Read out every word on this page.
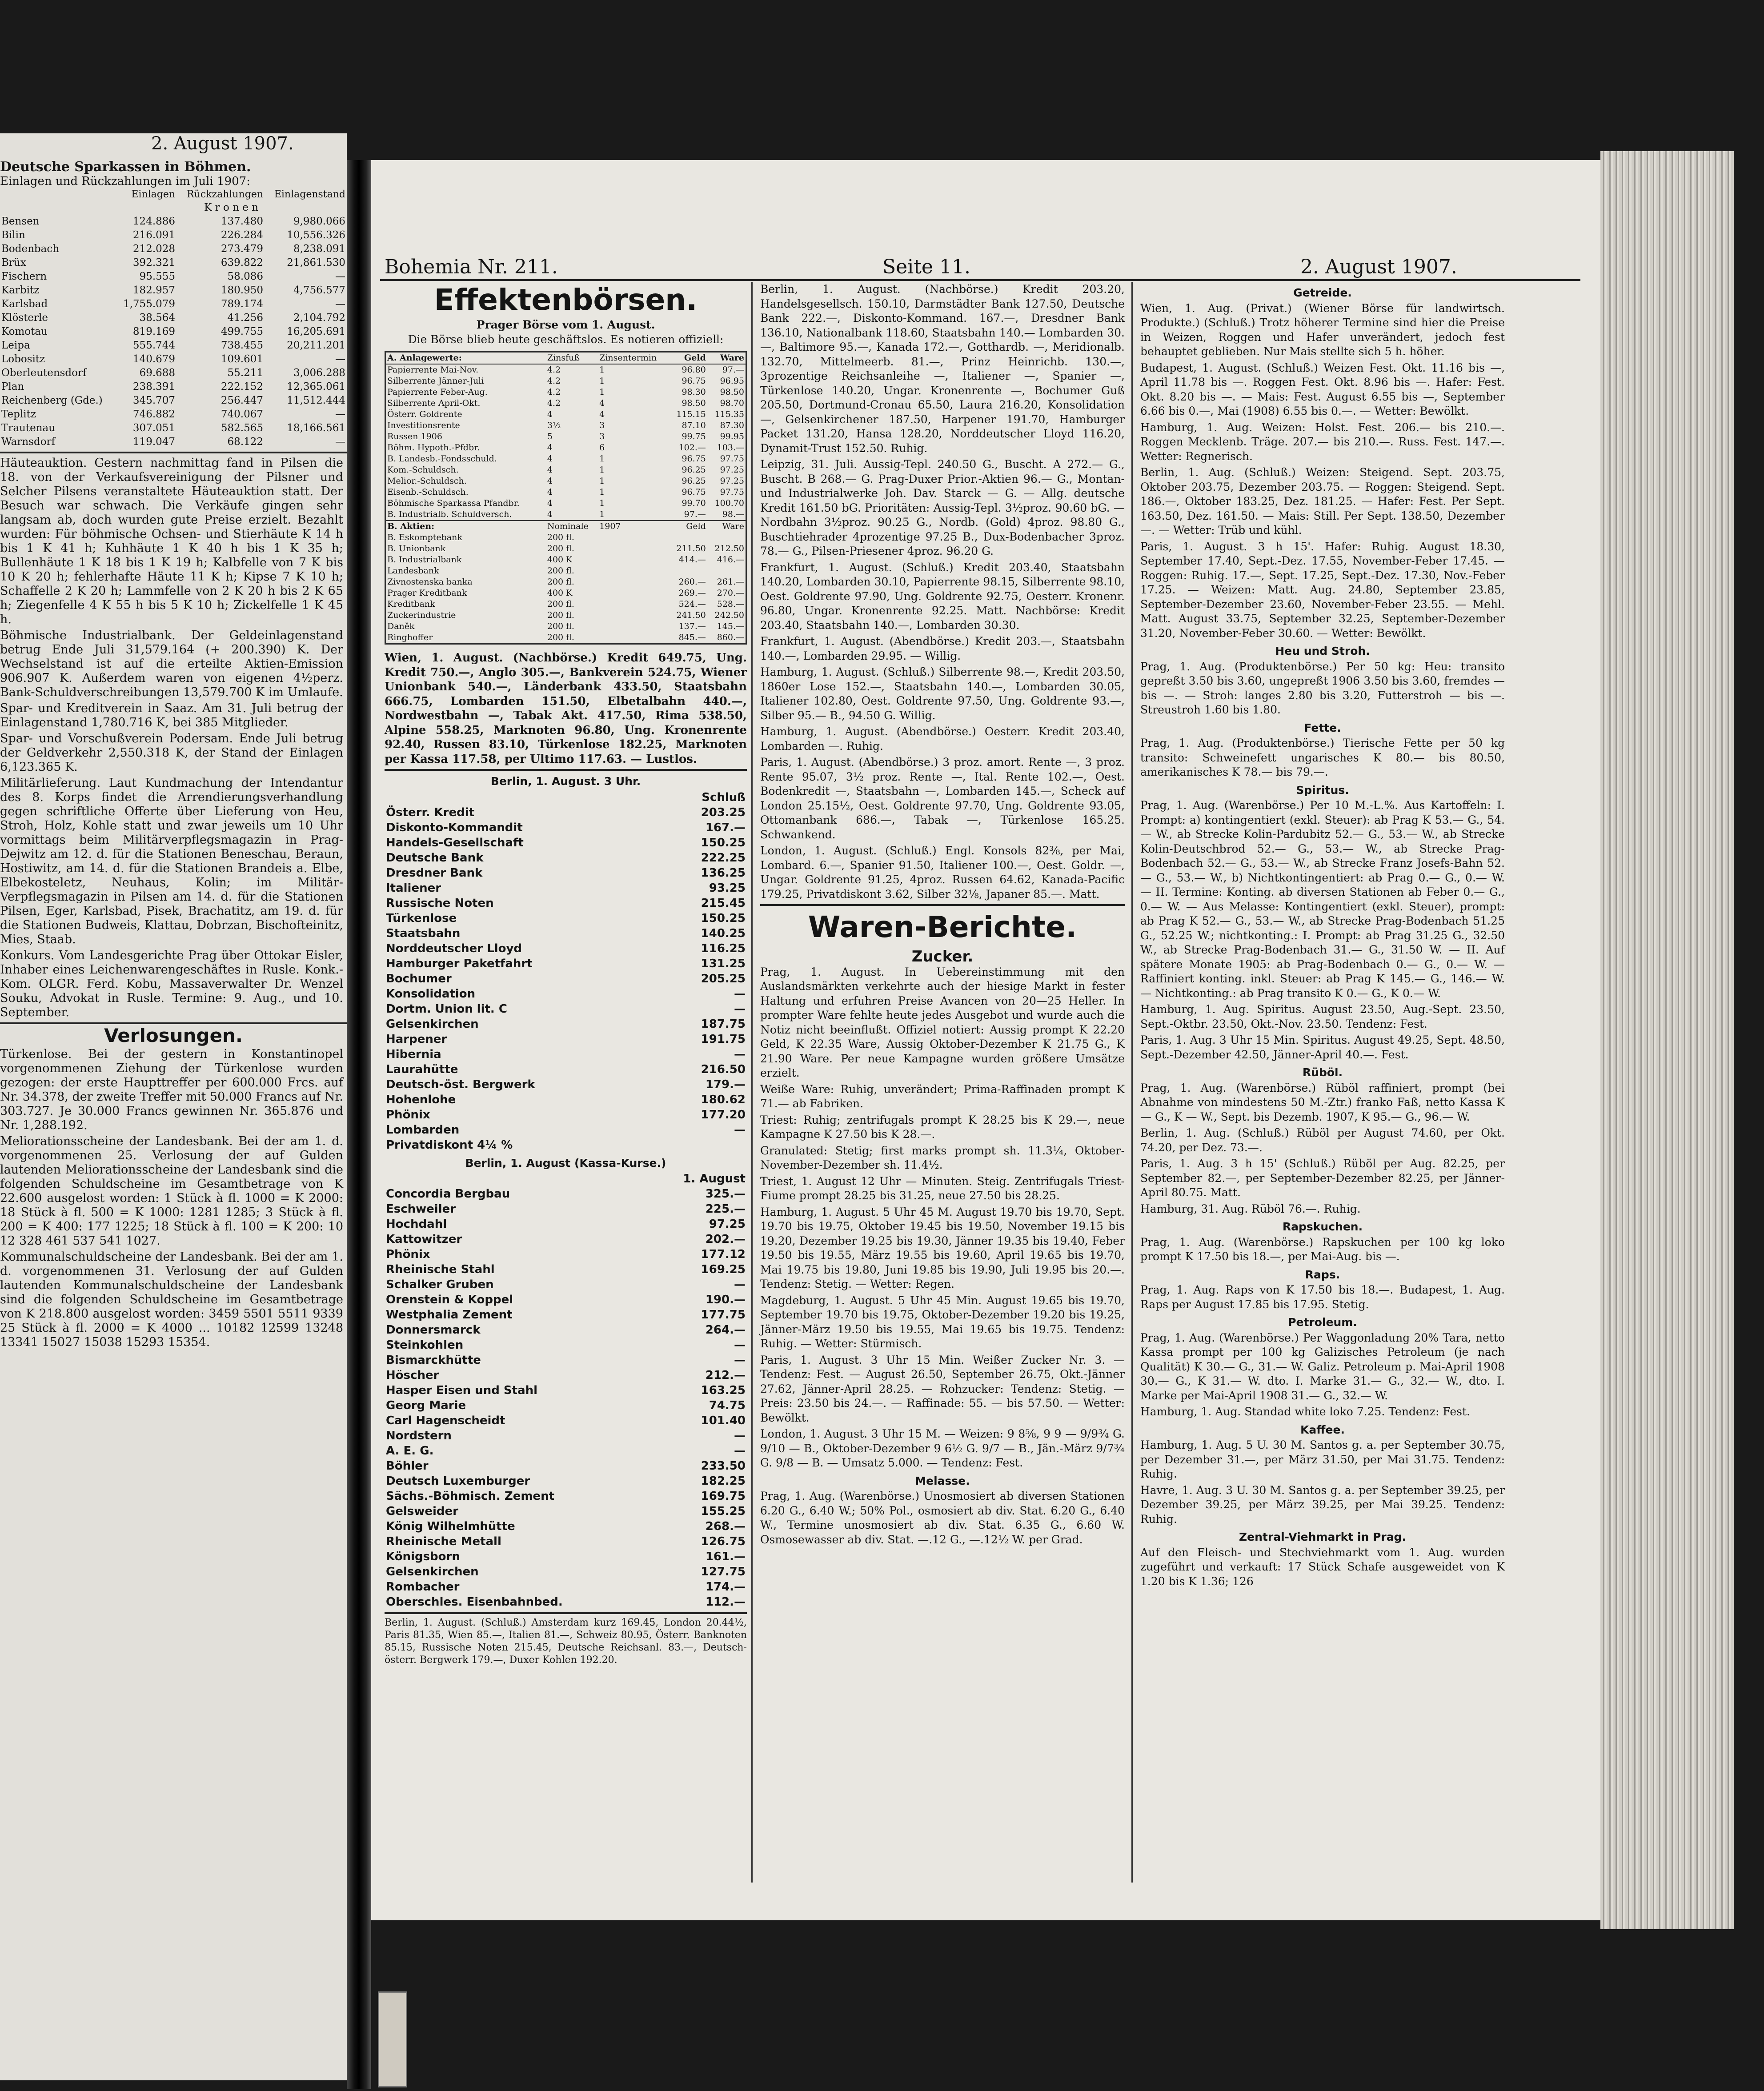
2. August 1907.
Deutsche Sparkassen in Böhmen.
Einlagen und Rückzahlungen im Juli 1907:
	Einlagen	Rückzahlungen	Einlagenstand
	K r o n e n		
Bensen	124.886	137.480	9,980.066
Bilin	216.091	226.284	10,556.326
Bodenbach	212.028	273.479	8,238.091
Brüx	392.321	639.822	21,861.530
Fischern	95.555	58.086	—
Karbitz	182.957	180.950	4,756.577
Karlsbad	1,755.079	789.174	—
Klösterle	38.564	41.256	2,104.792
Komotau	819.169	499.755	16,205.691
Leipa	555.744	738.455	20,211.201
Lobositz	140.679	109.601	—
Oberleutensdorf	69.688	55.211	3,006.288
Plan	238.391	222.152	12,365.061
Reichenberg (Gde.)	345.707	256.447	11,512.444
Teplitz	746.882	740.067	—
Trautenau	307.051	582.565	18,166.561
Warnsdorf	119.047	68.122	—

Häuteauktion. Gestern nachmittag fand in Pilsen die 18. von der Verkaufsvereinigung der Pilsner und Selcher Pilsens veranstaltete Häuteauktion statt. Der Besuch war schwach. Die Verkäufe gingen sehr langsam ab, doch wurden gute Preise erzielt. Bezahlt wurden: Für böhmische Ochsen- und Stierhäute K 14 h bis 1 K 41 h; Kuhhäute 1 K 40 h bis 1 K 35 h; Bullenhäute 1 K 18 bis 1 K 19 h; Kalbfelle von 7 K bis 10 K 20 h; fehlerhafte Häute 11 K h; Kipse 7 K 10 h; Schaffelle 2 K 20 h; Lammfelle von 2 K 20 h bis 2 K 65 h; Ziegenfelle 4 K 55 h bis 5 K 10 h; Zickelfelle 1 K 45 h.

Böhmische Industrialbank. Der Geldeinlagenstand betrug Ende Juli 31,579.164 (+ 200.390) K. Der Wechselstand ist auf die erteilte Aktien-Emission 906.907 K. Außerdem waren von eigenen 4½perz. Bank-Schuldverschreibungen 13,579.700 K im Umlaufe.

Spar- und Kreditverein in Saaz. Am 31. Juli betrug der Einlagenstand 1,780.716 K, bei 385 Mitglieder.

Spar- und Vorschußverein Podersam. Ende Juli betrug der Geldverkehr 2,550.318 K, der Stand der Einlagen 6,123.365 K.

Militärlieferung. Laut Kundmachung der Intendantur des 8. Korps findet die Arrendierungsverhandlung gegen schriftliche Offerte über Lieferung von Heu, Stroh, Holz, Kohle statt und zwar jeweils um 10 Uhr vormittags beim Militärverpflegsmagazin in Prag-Dejwitz am 12. d. für die Stationen Beneschau, Beraun, Hostiwitz, am 14. d. für die Stationen Brandeis a. Elbe, Elbekosteletz, Neuhaus, Kolin; im Militär-Verpflegsmagazin in Pilsen am 14. d. für die Stationen Pilsen, Eger, Karlsbad, Pisek, Brachatitz, am 19. d. für die Stationen Budweis, Klattau, Dobrzan, Bischofteinitz, Mies, Staab.

Konkurs. Vom Landesgerichte Prag über Ottokar Eisler, Inhaber eines Leichenwarengeschäftes in Rusle. Konk.-Kom. OLGR. Ferd. Kobu, Massaverwalter Dr. Wenzel Souku, Advokat in Rusle. Termine: 9. Aug., und 10. September.

Verlosungen.

Türkenlose. Bei der gestern in Konstantinopel vorgenommenen Ziehung der Türkenlose wurden gezogen: der erste Haupttreffer per 600.000 Frcs. auf Nr. 34.378, der zweite Treffer mit 50.000 Francs auf Nr. 303.727. Je 30.000 Francs gewinnen Nr. 365.876 und Nr. 1,288.192.

Meliorationsscheine der Landesbank. Bei der am 1. d. vorgenommenen 25. Verlosung der auf Gulden lautenden Meliorationsscheine der Landesbank sind die folgenden Schuldscheine im Gesamtbetrage von K 22.600 ausgelost worden: 1 Stück à fl. 1000 = K 2000: 18 Stück à fl. 500 = K 1000: 1281 1285; 3 Stück à fl. 200 = K 400: 177 1225; 18 Stück à fl. 100 = K 200: 10 12 328 461 537 541 1027.

Kommunalschuldscheine der Landesbank. Bei der am 1. d. vorgenommenen 31. Verlosung der auf Gulden lautenden Kommunalschuldscheine der Landesbank sind die folgenden Schuldscheine im Gesamtbetrage von K 218.800 ausgelost worden: 3459 5501 5511 9339 25 Stück à fl. 2000 = K 4000 ... 10182 12599 13248 13341 15027 15038 15293 15354.

Bohemia Nr. 211.	Seite 11.	2. August 1907.
Effektenbörsen.
Prager Börse vom 1. August.
Die Börse blieb heute geschäftslos. Es notieren offiziell:
A. Anlagewerte:	Zinsfuß	Zinsentermin	Geld	Ware
Papierrente Mai-Nov.	4.2	1	96.80	97.—
Silberrente Jänner-Juli	4.2	1	96.75	96.95
Papierrente Feber-Aug.	4.2	1	98.30	98.50
Silberrente April-Okt.	4.2	4	98.50	98.70
Österr. Goldrente	4	4	115.15	115.35
Investitionsrente	3½	3	87.10	87.30
Russen 1906	5	3	99.75	99.95
Böhm. Hypoth.-Pfdbr.	4	6	102.—	103.—
B. Landesb.-Fondsschuld.	4	1	96.75	97.75
Kom.-Schuldsch.	4	1	96.25	97.25
Melior.-Schuldsch.	4	1	96.25	97.25
Eisenb.-Schuldsch.	4	1	96.75	97.75
Böhmische Sparkassa Pfandbr.	4	1	99.70	100.70
B. Industrialb. Schuldversch.	4	1	97.—	98.—
B. Aktien:	Nominale	1907	Geld	Ware
B. Eskomptebank	200 fl.			
B. Unionbank	200 fl.		211.50	212.50
B. Industrialbank	400 K		414.—	416.—
Landesbank	200 fl.			
Zivnostenska banka	200 fl.		260.—	261.—
Prager Kreditbank	400 K		269.—	270.—
Kreditbank	200 fl.		524.—	528.—
Zuckerindustrie	200 fl.		241.50	242.50
Daněk	200 fl.		137.—	145.—
Ringhoffer	200 fl.		845.—	860.—

Wien, 1. August. (Nachbörse.) Kredit 649.75, Ung. Kredit 750.—, Anglo 305.—, Bankverein 524.75, Wiener Unionbank 540.—, Länderbank 433.50, Staatsbahn 666.75, Lombarden 151.50, Elbetalbahn 440.—, Nordwestbahn —, Tabak Akt. 417.50, Rima 538.50, Alpine 558.25, Marknoten 96.80, Ung. Kronenrente 92.40, Russen 83.10, Türkenlose 182.25, Marknoten per Kassa 117.58, per Ultimo 117.63. — Lustlos.

Berlin, 1. August. 3 Uhr.
	Schluß
Österr. Kredit	203.25
Diskonto-Kommandit	167.—
Handels-Gesellschaft	150.25
Deutsche Bank	222.25
Dresdner Bank	136.25
Italiener	93.25
Russische Noten	215.45
Türkenlose	150.25
Staatsbahn	140.25
Norddeutscher Lloyd	116.25
Hamburger Paketfahrt	131.25
Bochumer	205.25
Konsolidation	—
Dortm. Union lit. C	—
Gelsenkirchen	187.75
Harpener	191.75
Hibernia	—
Laurahütte	216.50
Deutsch-öst. Bergwerk	179.—
Hohenlohe	180.62
Phönix	177.20
Lombarden	—
Privatdiskont 4¼ %	
Berlin, 1. August (Kassa-Kurse.)
	1. August
Concordia Bergbau	325.—
Eschweiler	225.—
Hochdahl	97.25
Kattowitzer	202.—
Phönix	177.12
Rheinische Stahl	169.25
Schalker Gruben	—
Orenstein & Koppel	190.—
Westphalia Zement	177.75
Donnersmarck	264.—
Steinkohlen	—
Bismarckhütte	—
Höscher	212.—
Hasper Eisen und Stahl	163.25
Georg Marie	74.75
Carl Hagenscheidt	101.40
Nordstern	—
A. E. G.	—
Böhler	233.50
Deutsch Luxemburger	182.25
Sächs.-Böhmisch. Zement	169.75
Gelsweider	155.25
König Wilhelmhütte	268.—
Rheinische Metall	126.75
Königsborn	161.—
Gelsenkirchen	127.75
Rombacher	174.—
Oberschles. Eisenbahnbed.	112.—

Berlin, 1. August. (Schluß.) Amsterdam kurz 169.45, London 20.44½, Paris 81.35, Wien 85.—, Italien 81.—, Schweiz 80.95, Österr. Banknoten 85.15, Russische Noten 215.45, Deutsche Reichsanl. 83.—, Deutsch-österr. Bergwerk 179.—, Duxer Kohlen 192.20.

Berlin, 1. August. (Nachbörse.) Kredit 203.20, Handelsgesellsch. 150.10, Darmstädter Bank 127.50, Deutsche Bank 222.—, Diskonto-Kommand. 167.—, Dresdner Bank 136.10, Nationalbank 118.60, Staatsbahn 140.— Lombarden 30.—, Baltimore 95.—, Kanada 172.—, Gotthardb. —, Meridionalb. 132.70, Mittelmeerb. 81.—, Prinz Heinrichb. 130.—, 3prozentige Reichsanleihe —, Italiener —, Spanier —, Türkenlose 140.20, Ungar. Kronenrente —, Bochumer Guß 205.50, Dortmund-Cronau 65.50, Laura 216.20, Konsolidation —, Gelsenkirchener 187.50, Harpener 191.70, Hamburger Packet 131.20, Hansa 128.20, Norddeutscher Lloyd 116.20, Dynamit-Trust 152.50. Ruhig.

Leipzig, 31. Juli. Aussig-Tepl. 240.50 G., Buscht. A 272.— G., Buscht. B 268.— G. Prag-Duxer Prior.-Aktien 96.— G., Montan- und Industrialwerke Joh. Dav. Starck — G. — Allg. deutsche Kredit 161.50 bG. Prioritäten: Aussig-Tepl. 3½proz. 90.60 bG. — Nordbahn 3½proz. 90.25 G., Nordb. (Gold) 4proz. 98.80 G., Buschtiehrader 4prozentige 97.25 B., Dux-Bodenbacher 3proz. 78.— G., Pilsen-Priesener 4proz. 96.20 G.

Frankfurt, 1. August. (Schluß.) Kredit 203.40, Staatsbahn 140.20, Lombarden 30.10, Papierrente 98.15, Silberrente 98.10, Oest. Goldrente 97.90, Ung. Goldrente 92.75, Oesterr. Kronenr. 96.80, Ungar. Kronenrente 92.25. Matt. Nachbörse: Kredit 203.40, Staatsbahn 140.—, Lombarden 30.30.

Frankfurt, 1. August. (Abendbörse.) Kredit 203.—, Staatsbahn 140.—, Lombarden 29.95. — Willig.

Hamburg, 1. August. (Schluß.) Silberrente 98.—, Kredit 203.50, 1860er Lose 152.—, Staatsbahn 140.—, Lombarden 30.05, Italiener 102.80, Oest. Goldrente 97.50, Ung. Goldrente 93.—, Silber 95.— B., 94.50 G. Willig.

Hamburg, 1. August. (Abendbörse.) Oesterr. Kredit 203.40, Lombarden —. Ruhig.

Paris, 1. August. (Abendbörse.) 3 proz. amort. Rente —, 3 proz. Rente 95.07, 3½ proz. Rente —, Ital. Rente 102.—, Oest. Bodenkredit —, Staatsbahn —, Lombarden 145.—, Scheck auf London 25.15½, Oest. Goldrente 97.70, Ung. Goldrente 93.05, Ottomanbank 686.—, Tabak —, Türkenlose 165.25. Schwankend.

London, 1. August. (Schluß.) Engl. Konsols 82⅜, per Mai, Lombard. 6.—, Spanier 91.50, Italiener 100.—, Oest. Goldr. —, Ungar. Goldrente 91.25, 4proz. Russen 64.62, Kanada-Pacific 179.25, Privatdiskont 3.62, Silber 32⅛, Japaner 85.—. Matt.

Waren-Berichte.
Zucker.

Prag, 1. August. In Uebereinstimmung mit den Auslandsmärkten verkehrte auch der hiesige Markt in fester Haltung und erfuhren Preise Avancen von 20—25 Heller. In prompter Ware fehlte heute jedes Ausgebot und wurde auch die Notiz nicht beeinflußt. Offiziel notiert: Aussig prompt K 22.20 Geld, K 22.35 Ware, Aussig Oktober-Dezember K 21.75 G., K 21.90 Ware. Per neue Kampagne wurden größere Umsätze erzielt.

Weiße Ware: Ruhig, unverändert; Prima-Raffinaden prompt K 71.— ab Fabriken.

Triest: Ruhig; zentrifugals prompt K 28.25 bis K 29.—, neue Kampagne K 27.50 bis K 28.—.

Granulated: Stetig; first marks prompt sh. 11.3¼, Oktober-November-Dezember sh. 11.4½.

Triest, 1. August 12 Uhr — Minuten. Steig. Zentrifugals Triest-Fiume prompt 28.25 bis 31.25, neue 27.50 bis 28.25.

Hamburg, 1. August. 5 Uhr 45 M. August 19.70 bis 19.70, Sept. 19.70 bis 19.75, Oktober 19.45 bis 19.50, November 19.15 bis 19.20, Dezember 19.25 bis 19.30, Jänner 19.35 bis 19.40, Feber 19.50 bis 19.55, März 19.55 bis 19.60, April 19.65 bis 19.70, Mai 19.75 bis 19.80, Juni 19.85 bis 19.90, Juli 19.95 bis 20.—. Tendenz: Stetig. — Wetter: Regen.

Magdeburg, 1. August. 5 Uhr 45 Min. August 19.65 bis 19.70, September 19.70 bis 19.75, Oktober-Dezember 19.20 bis 19.25, Jänner-März 19.50 bis 19.55, Mai 19.65 bis 19.75. Tendenz: Ruhig. — Wetter: Stürmisch.

Paris, 1. August. 3 Uhr 15 Min. Weißer Zucker Nr. 3. — Tendenz: Fest. — August 26.50, September 26.75, Okt.-Jänner 27.62, Jänner-April 28.25. — Rohzucker: Tendenz: Stetig. — Preis: 23.50 bis 24.—. — Raffinade: 55. — bis 57.50. — Wetter: Bewölkt.

London, 1. August. 3 Uhr 15 M. — Weizen: 9 8⅝, 9 9 — 9/9¾ G. 9/10 — B., Oktober-Dezember 9 6½ G. 9/7 — B., Jän.-März 9/7¾ G. 9/8 — B. — Umsatz 5.000. — Tendenz: Fest.

Melasse.

Prag, 1. Aug. (Warenbörse.) Unosmosiert ab diversen Stationen 6.20 G., 6.40 W.; 50% Pol., osmosiert ab div. Stat. 6.20 G., 6.40 W., Termine unosmosiert ab div. Stat. 6.35 G., 6.60 W. Osmosewasser ab div. Stat. —.12 G., —.12½ W. per Grad.

Getreide.

Wien, 1. Aug. (Privat.) (Wiener Börse für landwirtsch. Produkte.) (Schluß.) Trotz höherer Termine sind hier die Preise in Weizen, Roggen und Hafer unverändert, jedoch fest behauptet geblieben. Nur Mais stellte sich 5 h. höher.

Budapest, 1. August. (Schluß.) Weizen Fest. Okt. 11.16 bis —, April 11.78 bis —. Roggen Fest. Okt. 8.96 bis —. Hafer: Fest. Okt. 8.20 bis —. — Mais: Fest. August 6.55 bis —, September 6.66 bis 0.—, Mai (1908) 6.55 bis 0.—. — Wetter: Bewölkt.

Hamburg, 1. Aug. Weizen: Holst. Fest. 206.— bis 210.—. Roggen Mecklenb. Träge. 207.— bis 210.—. Russ. Fest. 147.—. Wetter: Regnerisch.

Berlin, 1. Aug. (Schluß.) Weizen: Steigend. Sept. 203.75, Oktober 203.75, Dezember 203.75. — Roggen: Steigend. Sept. 186.—, Oktober 183.25, Dez. 181.25. — Hafer: Fest. Per Sept. 163.50, Dez. 161.50. — Mais: Still. Per Sept. 138.50, Dezember —. — Wetter: Trüb und kühl.

Paris, 1. August. 3 h 15'. Hafer: Ruhig. August 18.30, September 17.40, Sept.-Dez. 17.55, November-Feber 17.45. — Roggen: Ruhig. 17.—, Sept. 17.25, Sept.-Dez. 17.30, Nov.-Feber 17.25. — Weizen: Matt. Aug. 24.80, September 23.85, September-Dezember 23.60, November-Feber 23.55. — Mehl. Matt. August 33.75, September 32.25, September-Dezember 31.20, November-Feber 30.60. — Wetter: Bewölkt.

Heu und Stroh.

Prag, 1. Aug. (Produktenbörse.) Per 50 kg: Heu: transito gepreßt 3.50 bis 3.60, ungepreßt 1906 3.50 bis 3.60, fremdes — bis —. — Stroh: langes 2.80 bis 3.20, Futterstroh — bis —. Streustroh 1.60 bis 1.80.

Fette.

Prag, 1. Aug. (Produktenbörse.) Tierische Fette per 50 kg transito: Schweinefett ungarisches K 80.— bis 80.50, amerikanisches K 78.— bis 79.—.

Spiritus.

Prag, 1. Aug. (Warenbörse.) Per 10 M.-L.%. Aus Kartoffeln: I. Prompt: a) kontingentiert (exkl. Steuer): ab Prag K 53.— G., 54.— W., ab Strecke Kolin-Pardubitz 52.— G., 53.— W., ab Strecke Kolin-Deutschbrod 52.— G., 53.— W., ab Strecke Prag-Bodenbach 52.— G., 53.— W., ab Strecke Franz Josefs-Bahn 52.— G., 53.— W., b) Nichtkontingentiert: ab Prag 0.— G., 0.— W. — II. Termine: Konting. ab diversen Stationen ab Feber 0.— G., 0.— W. — Aus Melasse: Kontingentiert (exkl. Steuer), prompt: ab Prag K 52.— G., 53.— W., ab Strecke Prag-Bodenbach 51.25 G., 52.25 W.; nichtkonting.: I. Prompt: ab Prag 31.25 G., 32.50 W., ab Strecke Prag-Bodenbach 31.— G., 31.50 W. — II. Auf spätere Monate 1905: ab Prag-Bodenbach 0.— G., 0.— W. — Raffiniert konting. inkl. Steuer: ab Prag K 145.— G., 146.— W. — Nichtkonting.: ab Prag transito K 0.— G., K 0.— W.

Hamburg, 1. Aug. Spiritus. August 23.50, Aug.-Sept. 23.50, Sept.-Oktbr. 23.50, Okt.-Nov. 23.50. Tendenz: Fest.

Paris, 1. Aug. 3 Uhr 15 Min. Spiritus. August 49.25, Sept. 48.50, Sept.-Dezember 42.50, Jänner-April 40.—. Fest.

Rüböl.

Prag, 1. Aug. (Warenbörse.) Rüböl raffiniert, prompt (bei Abnahme von mindestens 50 M.-Ztr.) franko Faß, netto Kassa K — G., K — W., Sept. bis Dezemb. 1907, K 95.— G., 96.— W.

Berlin, 1. Aug. (Schluß.) Rüböl per August 74.60, per Okt. 74.20, per Dez. 73.—.

Paris, 1. Aug. 3 h 15' (Schluß.) Rüböl per Aug. 82.25, per September 82.—, per September-Dezember 82.25, per Jänner-April 80.75. Matt.

Hamburg, 31. Aug. Rüböl 76.—. Ruhig.

Rapskuchen.

Prag, 1. Aug. (Warenbörse.) Rapskuchen per 100 kg loko prompt K 17.50 bis 18.—, per Mai-Aug. bis —.

Raps.

Prag, 1. Aug. Raps von K 17.50 bis 18.—. Budapest, 1. Aug. Raps per August 17.85 bis 17.95. Stetig.

Petroleum.

Prag, 1. Aug. (Warenbörse.) Per Waggonladung 20% Tara, netto Kassa prompt per 100 kg Galizisches Petroleum (je nach Qualität) K 30.— G., 31.— W. Galiz. Petroleum p. Mai-April 1908 30.— G., K 31.— W. dto. I. Marke 31.— G., 32.— W., dto. I. Marke per Mai-April 1908 31.— G., 32.— W.

Hamburg, 1. Aug. Standad white loko 7.25. Tendenz: Fest.

Kaffee.

Hamburg, 1. Aug. 5 U. 30 M. Santos g. a. per September 30.75, per Dezember 31.—, per März 31.50, per Mai 31.75. Tendenz: Ruhig.

Havre, 1. Aug. 3 U. 30 M. Santos g. a. per September 39.25, per Dezember 39.25, per März 39.25, per Mai 39.25. Tendenz: Ruhig.

Zentral-Viehmarkt in Prag.

Auf den Fleisch- und Stechviehmarkt vom 1. Aug. wurden zugeführt und verkauft: 17 Stück Schafe ausgeweidet von K 1.20 bis K 1.36; 126
